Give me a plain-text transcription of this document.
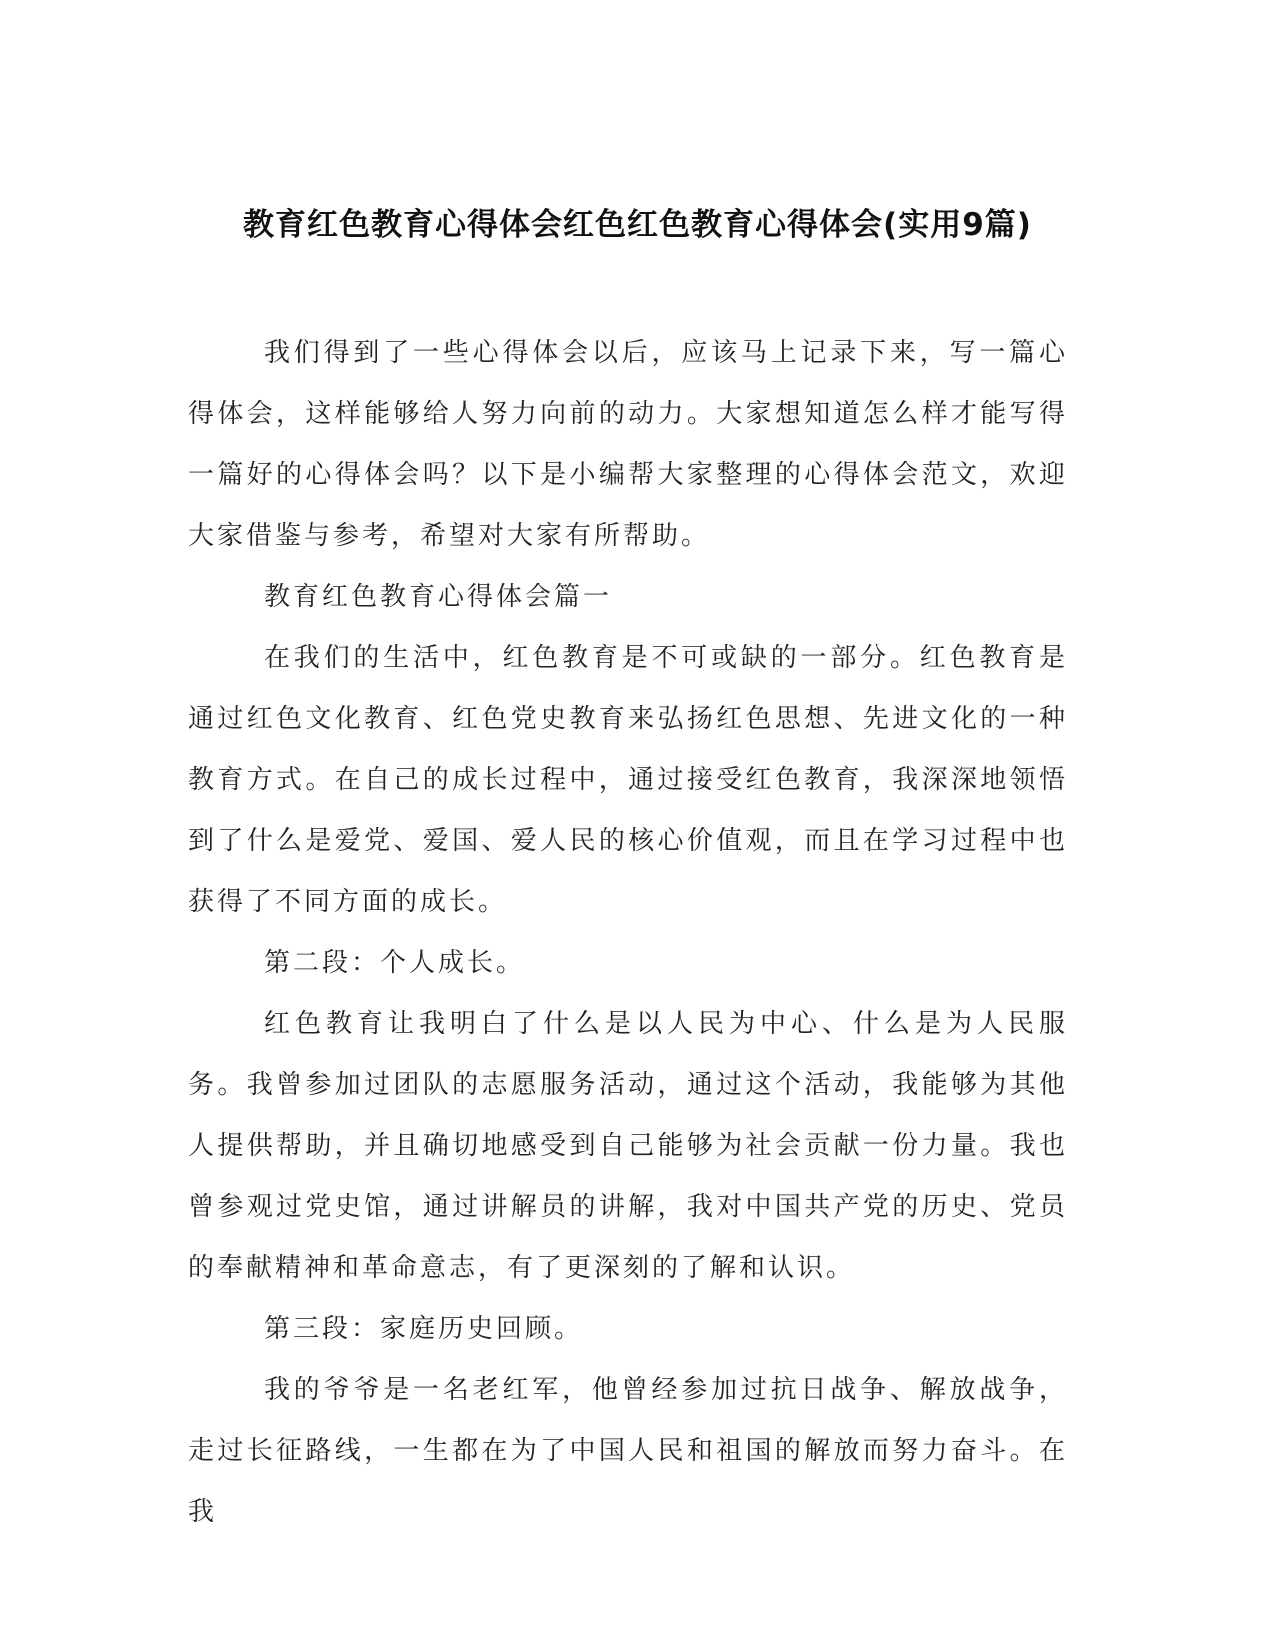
教育红色教育心得体会红色红色教育心得体会(实用9篇)

我们得到了一些心得体会以后，应该马上记录下来，写一篇心得体会，这样能够给人努力向前的动力。大家想知道怎么样才能写得一篇好的心得体会吗？以下是小编帮大家整理的心得体会范文，欢迎大家借鉴与参考，希望对大家有所帮助。

教育红色教育心得体会篇一

在我们的生活中，红色教育是不可或缺的一部分。红色教育是通过红色文化教育、红色党史教育来弘扬红色思想、先进文化的一种教育方式。在自己的成长过程中，通过接受红色教育，我深深地领悟到了什么是爱党、爱国、爱人民的核心价值观，而且在学习过程中也获得了不同方面的成长。

第二段：个人成长。

红色教育让我明白了什么是以人民为中心、什么是为人民服务。我曾参加过团队的志愿服务活动，通过这个活动，我能够为其他人提供帮助，并且确切地感受到自己能够为社会贡献一份力量。我也曾参观过党史馆，通过讲解员的讲解，我对中国共产党的历史、党员的奉献精神和革命意志，有了更深刻的了解和认识。

第三段：家庭历史回顾。

我的爷爷是一名老红军，他曾经参加过抗日战争、解放战争，走过长征路线，一生都在为了中国人民和祖国的解放而努力奋斗。在我
